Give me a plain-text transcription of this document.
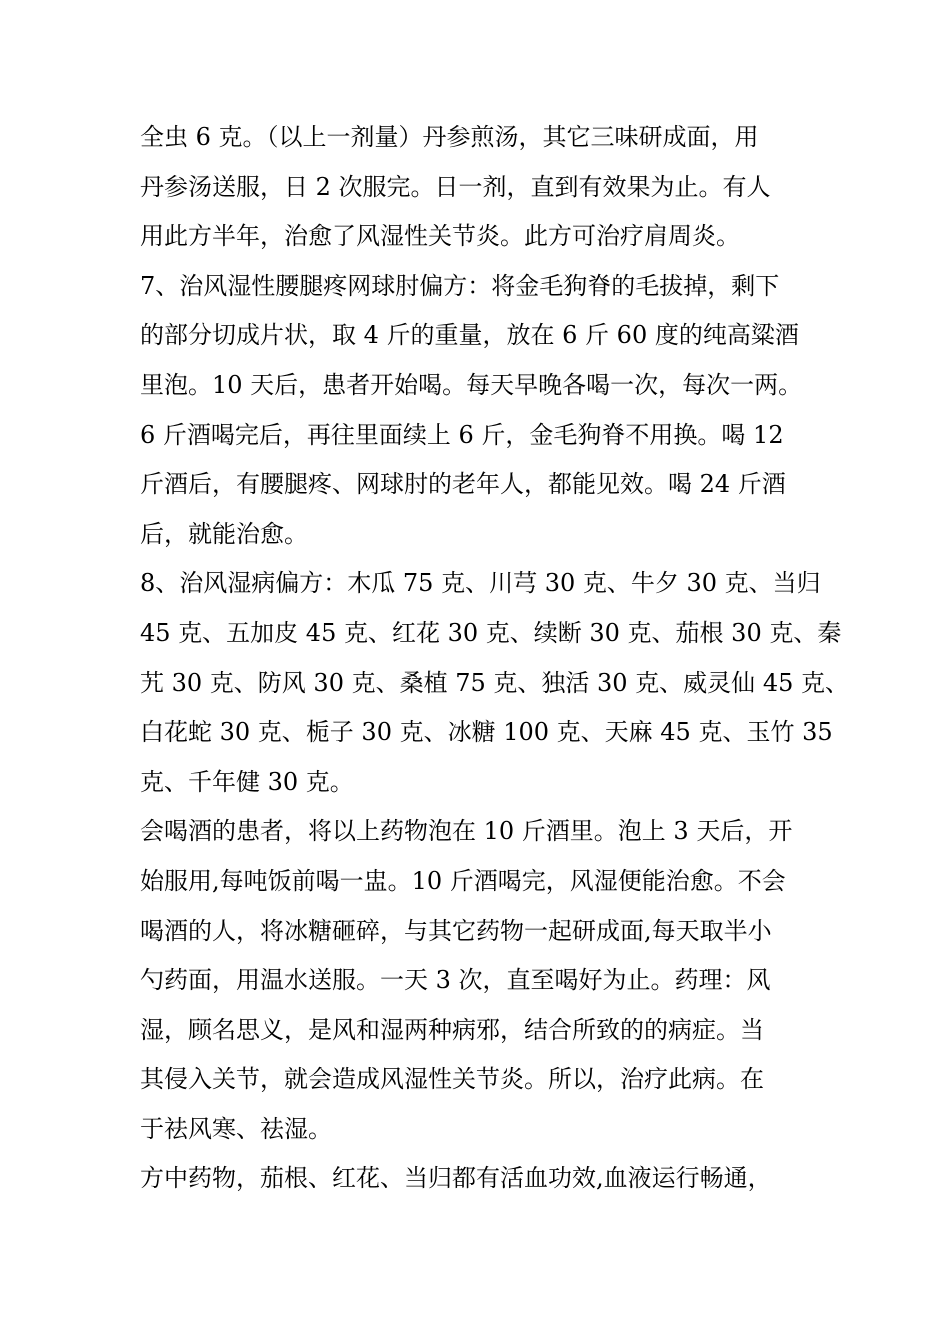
全虫 6 克。（以上一剂量）丹参煎汤，其它三味研成面，用
丹参汤送服，日 2 次服完。日一剂，直到有效果为止。有人
用此方半年，治愈了风湿性关节炎。此方可治疗肩周炎。

7、治风湿性腰腿疼网球肘偏方：将金毛狗脊的毛拔掉，剩下
的部分切成片状，取 4 斤的重量，放在 6 斤 60 度的纯高粱酒
里泡。10 天后，患者开始喝。每天早晚各喝一次，每次一两。
6 斤酒喝完后，再往里面续上 6 斤，金毛狗脊不用换。喝 12
斤酒后，有腰腿疼、网球肘的老年人，都能见效。喝 24 斤酒
后，就能治愈。

8、治风湿病偏方：木瓜 75 克、川芎 30 克、牛夕 30 克、当归
45 克、五加皮 45 克、红花 30 克、续断 30 克、茄根 30 克、秦
艽 30 克、防风 30 克、桑植 75 克、独活 30 克、威灵仙 45 克、
白花蛇 30 克、栀子 30 克、冰糖 100 克、天麻 45 克、玉竹 35
克、千年健 30 克。

会喝酒的患者，将以上药物泡在 10 斤酒里。泡上 3 天后，开
始服用,每吨饭前喝一盅。10 斤酒喝完，风湿便能治愈。不会
喝酒的人，将冰糖砸碎，与其它药物一起研成面,每天取半小
勺药面，用温水送服。一天 3 次，直至喝好为止。药理：风
湿，顾名思义，是风和湿两种病邪，结合所致的的病症。当
其侵入关节，就会造成风湿性关节炎。所以，治疗此病。在
于祛风寒、祛湿。

方中药物，茄根、红花、当归都有活血功效,血液运行畅通，
